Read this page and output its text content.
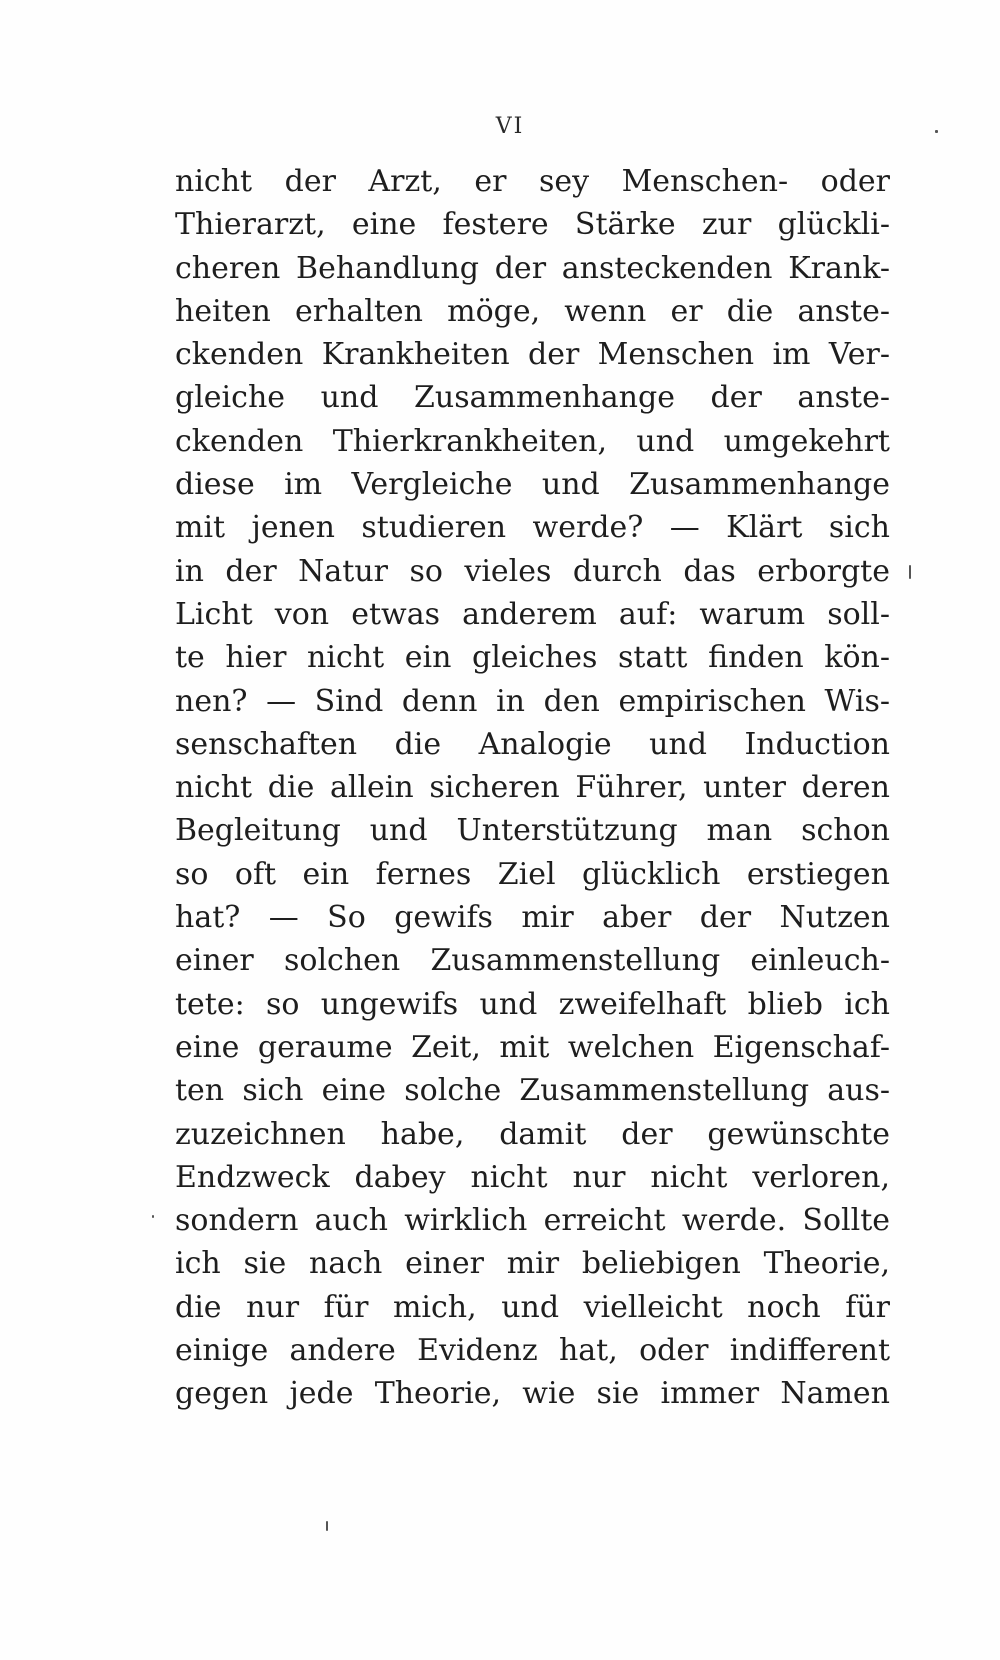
VI
nicht der Arzt, er sey Menschen- oder
Thierarzt, eine festere Stärke zur glückli-
cheren Behandlung der ansteckenden Krank-
heiten erhalten möge, wenn er die anste-
ckenden Krankheiten der Menschen im Ver-
gleiche und Zusammenhange der anste-
ckenden Thierkrankheiten, und umgekehrt
diese im Vergleiche und Zusammenhange
mit jenen studieren werde? — Klärt sich
in der Natur so vieles durch das erborgte
Licht von etwas anderem auf: warum soll-
te hier nicht ein gleiches statt finden kön-
nen? — Sind denn in den empirischen Wis-
senschaften die Analogie und Induction
nicht die allein sicheren Führer, unter deren
Begleitung und Unterstützung man schon
so oft ein fernes Ziel glücklich erstiegen
hat? — So gewifs mir aber der Nutzen
einer solchen Zusammenstellung einleuch-
tete: so ungewifs und zweifelhaft blieb ich
eine geraume Zeit, mit welchen Eigenschaf-
ten sich eine solche Zusammenstellung aus-
zuzeichnen habe, damit der gewünschte
Endzweck dabey nicht nur nicht verloren,
sondern auch wirklich erreicht werde. Sollte
ich sie nach einer mir beliebigen Theorie,
die nur für mich, und vielleicht noch für
einige andere Evidenz hat, oder indifferent
gegen jede Theorie, wie sie immer Namen
